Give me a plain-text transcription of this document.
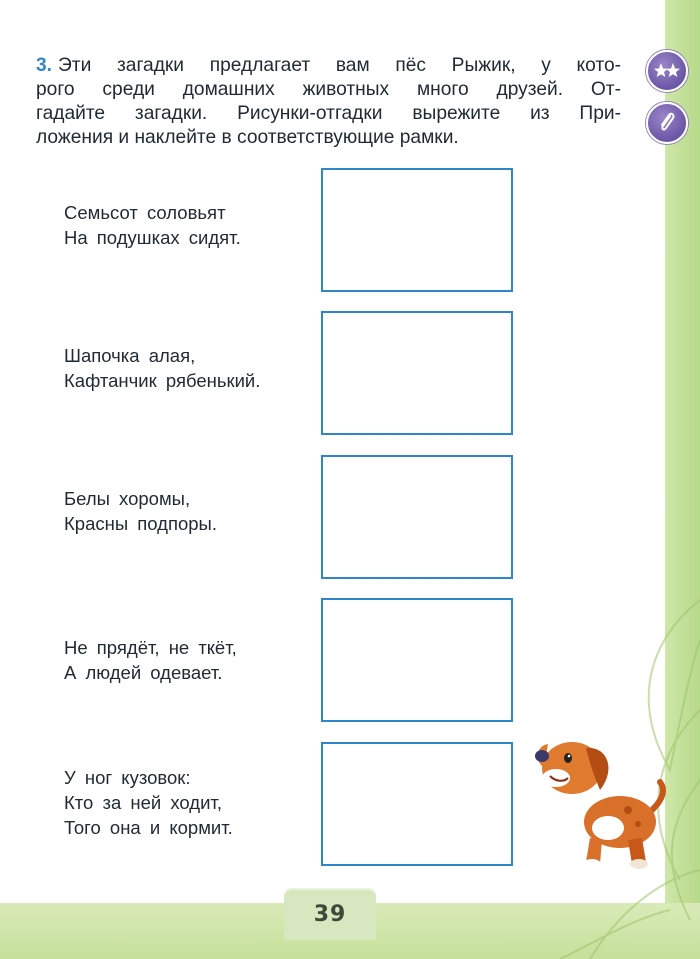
3. Эти загадки предлагает вам пёс Рыжик, у кото-
рого среди домашних животных много друзей. От-
гадайте загадки. Рисунки-отгадки вырежите из При-
ложения и наклейте в соответствующие рамки.
Семьсот соловьят
На подушках сидят.
Шапочка алая,
Кафтанчик рябенький.
Белы хоромы,
Красны подпоры.
Не прядёт, не ткёт,
А людей одевает.
У ног кузовок:
Кто за ней ходит,
Того она и кормит.
39
